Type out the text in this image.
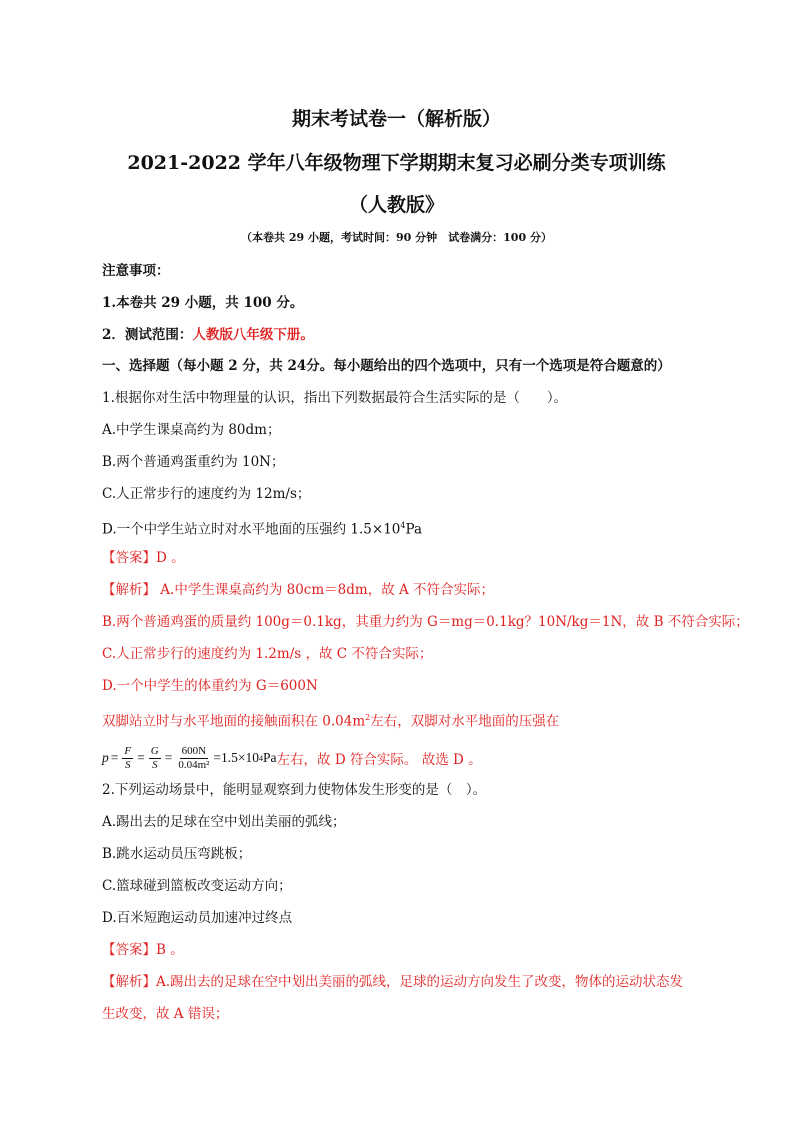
期末考试卷一（解析版）
2021-2022 学年八年级物理下学期期末复习必刷分类专项训练
（人教版》
（本卷共 29 小题，考试时间：90 分钟　试卷满分：100 分）
注意事项：
1.本卷共 29 小题，共 100 分。
2．测试范围：人教版八年级下册。
一、选择题（每小题 2 分，共 24分。每小题给出的四个选项中，只有一个选项是符合题意的）
1.根据你对生活中物理量的认识，指出下列数据最符合生活实际的是（　　）。
A.中学生课桌高约为 80dm；
B.两个普通鸡蛋重约为 10N；
C.人正常步行的速度约为 12m/s；
D.一个中学生站立时对水平地面的压强约 $1.5\times 10^4Pa$
【答案】D 。
【解析】 A.中学生课桌高约为 80cm＝8dm，故 A 不符合实际；
B.两个普通鸡蛋的质量约 100g＝0.1kg，其重力约为 G＝mg＝0.1kg？10N/kg＝1N，故 B 不符合实际；
C.人正常步行的速度约为 1.2m/s ，故 C 不符合实际；
D.一个中学生的体重约为 G＝600N
双脚站立时与水平地面的接触面积在 $0.04m^2$左右，双脚对水平地面的压强在
$p = \frac{F}{S} = \frac{G}{S} = \frac{600N}{\text{0.04m²}} =1.5\times 10$ 4 Pa 左右，故 D 符合实际。 故选 D 。
2.下列运动场景中，能明显观察到力使物体发生形变的是（　）。
A.踢出去的足球在空中划出美丽的弧线；
B.跳水运动员压弯跳板；
C.篮球碰到篮板改变运动方向；
D.百米短跑运动员加速冲过终点
【答案】B 。
【解析】A.踢出去的足球在空中划出美丽的弧线，足球的运动方向发生了改变，物体的运动状态发
生改变，故 A 错误；
